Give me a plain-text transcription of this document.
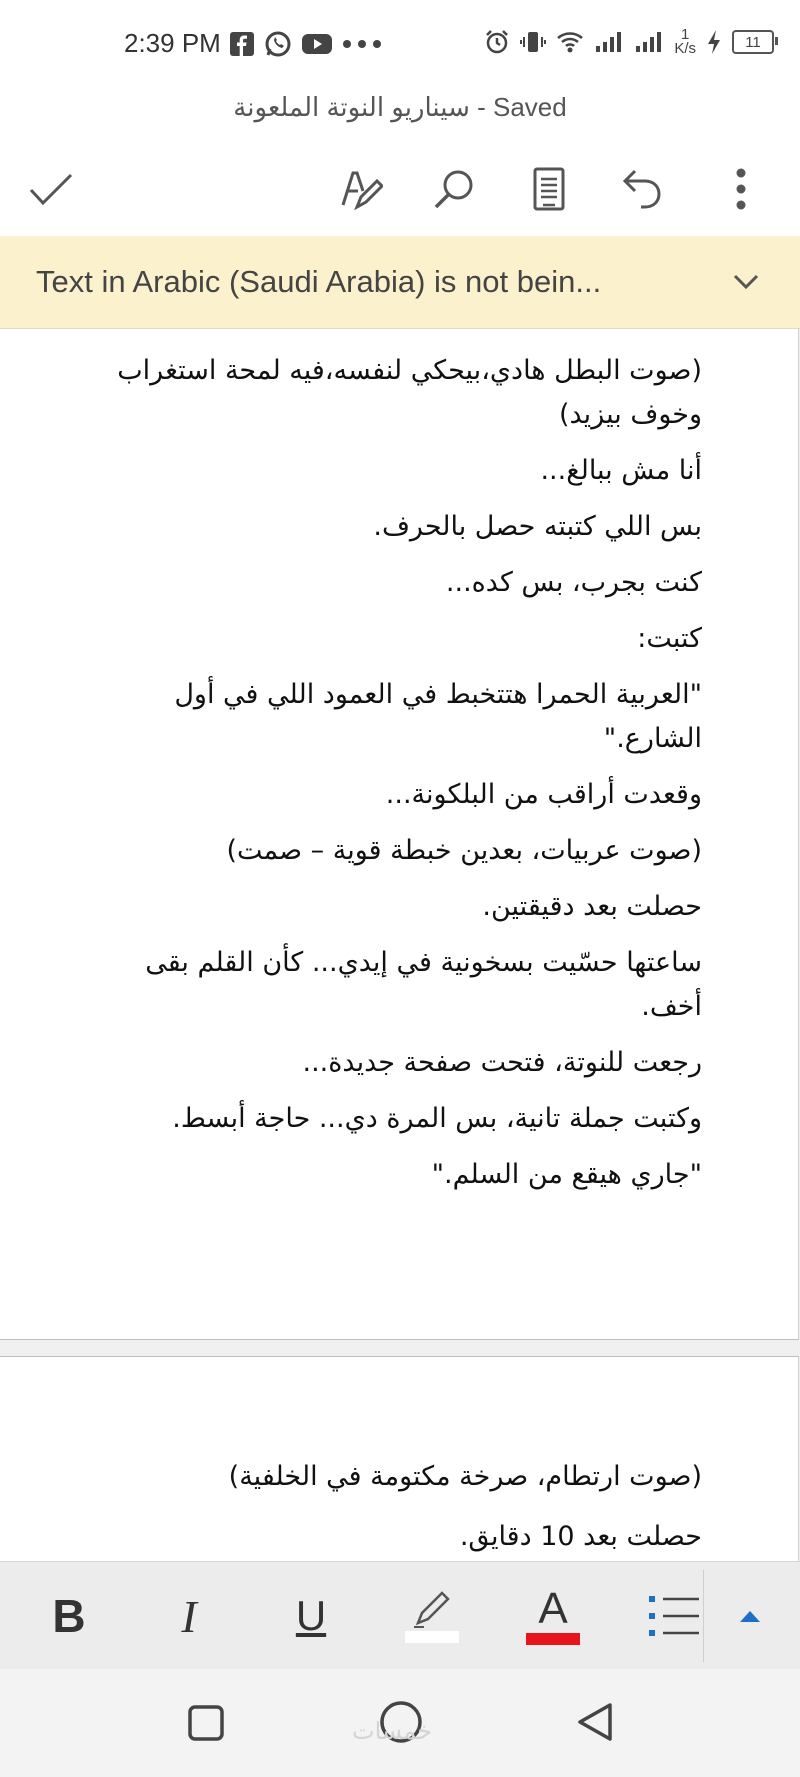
2:39 PM	1
K/s	11
سيناريو النوتة الملعونة - Saved
Text in Arabic (Saudi Arabia) is not bein...
(صوت البطل هادي،بيحكي لنفسه،فيه لمحة استغراب
وخوف بيزيد)
أنا مش ببالغ...
بس اللي كتبته حصل بالحرف.
كنت بجرب، بس كده...
كتبت:
"العربية الحمرا هتتخبط في العمود اللي في أول
الشارع."
وقعدت أراقب من البلكونة...
(صوت عربيات، بعدين خبطة قوية – صمت)
حصلت بعد دقيقتين.
ساعتها حسّيت بسخونية في إيدي... كأن القلم بقى
أخف.
رجعت للنوتة، فتحت صفحة جديدة...
وكتبت جملة تانية، بس المرة دي... حاجة أبسط.
"جاري هيقع من السلم."
(صوت ارتطام، صرخة مكتومة في الخلفية)
حصلت بعد 10 دقايق.
B I U	A
خمسات
